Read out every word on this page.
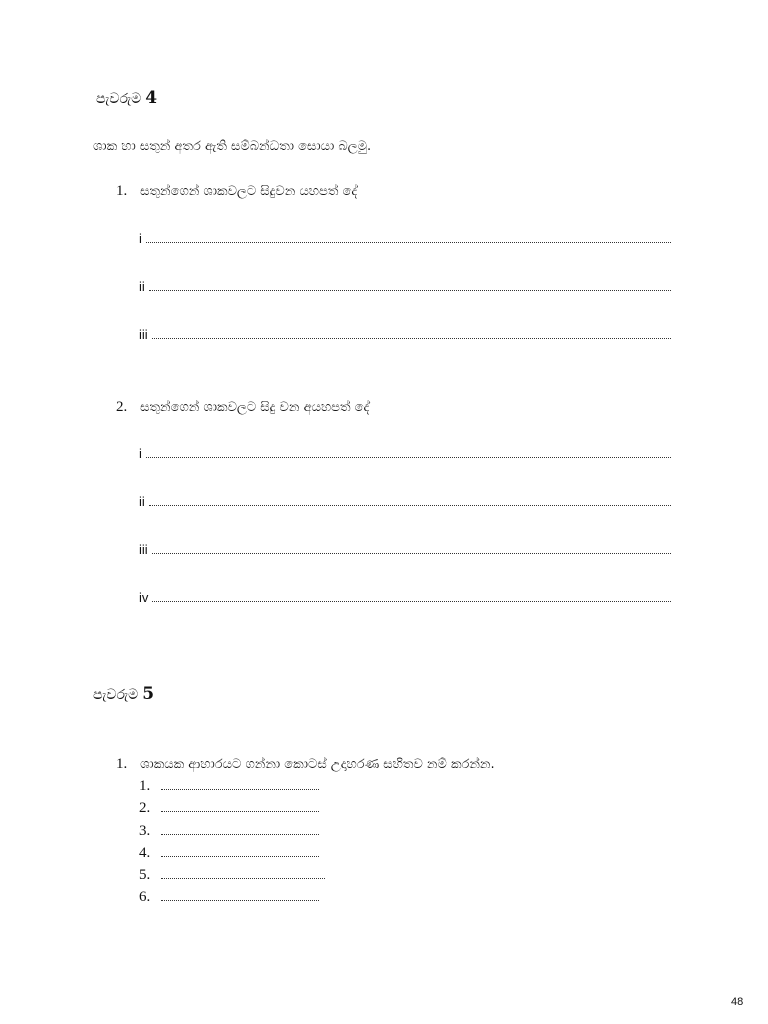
පැවරුම 4
ශාක හා සතුන් අතර ඇති සම්බන්ධතා සොයා බලමු.
1. සතුන්ගෙන් ශාකවලට සිදුවන යහපත් දේ
i
ii
iii
2. සතුන්ගෙන් ශාකවලට සිදු වන අයහපත් දේ
i
ii
iii
iv
පැවරුම 5
1. ශාකයක ආහාරයට ගන්නා කොටස් උදාහරණ සහිතව නම් කරන්න.
1.
2.
3.
4.
5.
6.
48
